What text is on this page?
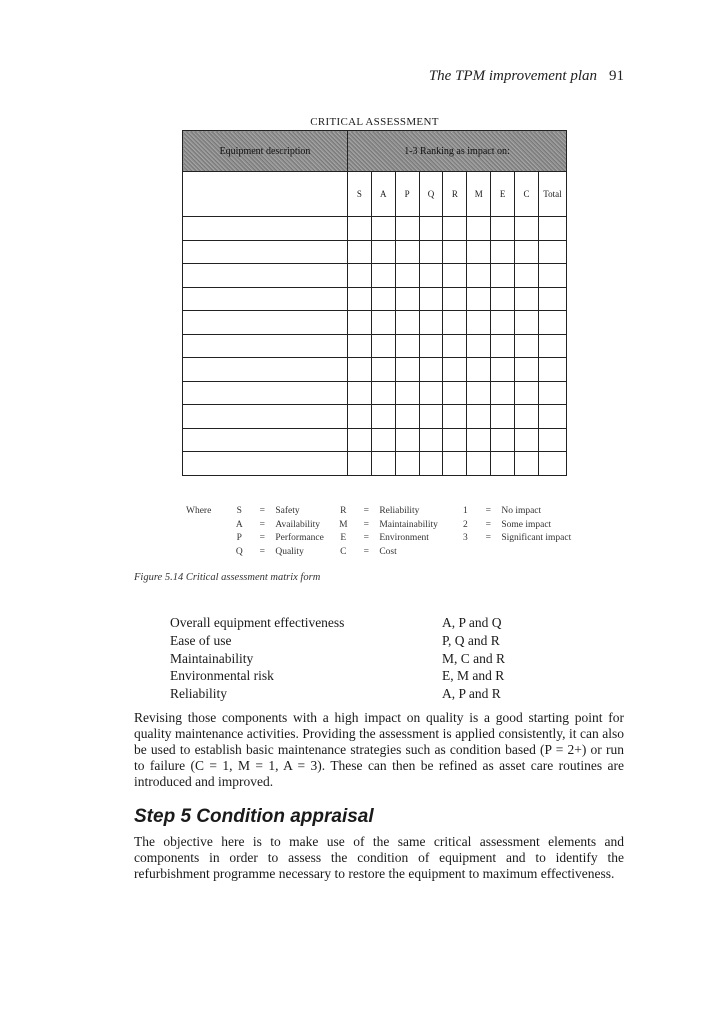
The TPM improvement plan 91
CRITICAL ASSESSMENT
Equipment description	1-3 Ranking as impact on:								
	S	A	P	Q	R	M	E	C	Total

Where		S	=	Safety	R	=	Reliability	1	=	No impact
		A	=	Availability	M	=	Maintainability	2	=	Some impact
		P	=	Performance	E	=	Environment	3	=	Significant impact
		Q	=	Quality	C	=	Cost			
Figure 5.14 Critical assessment matrix form
Overall equipment effectiveness	A, P and Q
Ease of use	P, Q and R
Maintainability	M, C and R
Environmental risk	E, M and R
Reliability	A, P and R

Revising those components with a high impact on quality is a good starting point for quality maintenance activities. Providing the assessment is applied consistently, it can also be used to establish basic maintenance strategies such as condition based (P = 2+) or run to failure (C = 1, M = 1, A = 3). These can then be refined as asset care routines are introduced and improved.

Step 5 Condition appraisal

The objective here is to make use of the same critical assessment elements and components in order to assess the condition of equipment and to identify the refurbishment programme necessary to restore the equipment to maximum effectiveness.
